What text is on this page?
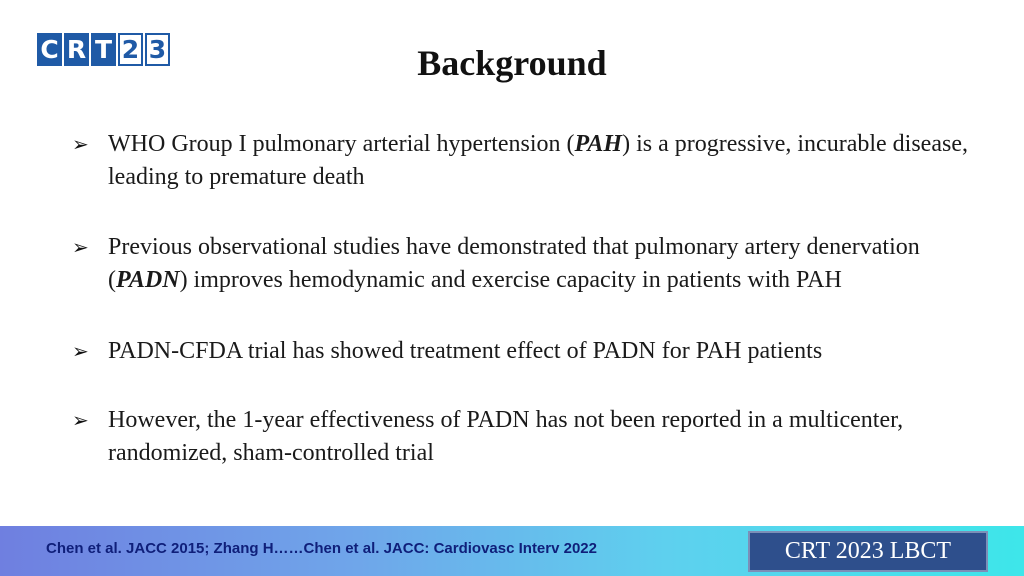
C R T 2 3	Background
➢ WHO Group I pulmonary arterial hypertension (PAH) is a progressive, incurable disease, leading to premature death
➢ Previous observational studies have demonstrated that pulmonary artery denervation (PADN) improves hemodynamic and exercise capacity in patients with PAH
➢ PADN-CFDA trial has showed treatment effect of PADN for PAH patients
➢ However, the 1-year effectiveness of PADN has not been reported in a multicenter, randomized, sham-controlled trial
Chen et al. JACC 2015; Zhang H……Chen et al. JACC: Cardiovasc Interv 2022	CRT 2023 LBCT
